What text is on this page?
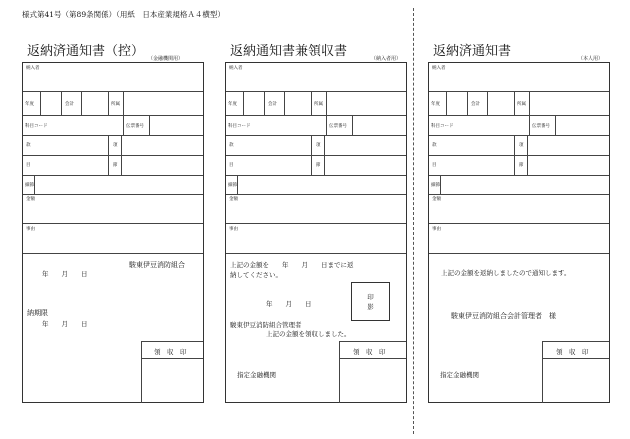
様式第41号（第89条関係）（用紙　日本産業規格Ａ４横型）
返納済通知書（控） （金融機関用）	返納通知書兼領収書	（納入者用） 返納済通知書	（本人用）
納入者
年度	会計	所属
科目コード	伝票番号
款	項
目	節
細節
金額
事由
駿東伊豆消防組合
年　　月　　日
納期限
年　　月　　日
領　収　印
納入者
年度	会計	所属
科目コード	伝票番号
款	項
目	節
細節
金額
事由
上記の金額を　　年　　月　　日までに返
納してください。
年　　月　　日
印
影
駿東伊豆消防組合管理者
上記の金額を領収しました。
領　収　印
指定金融機関
納入者
年度	会計	所属
科目コード	伝票番号
款	項
目	節
細節
金額
事由
上記の金額を返納しましたので通知します。
駿東伊豆消防組合会計管理者　様
領　収　印
指定金融機関
